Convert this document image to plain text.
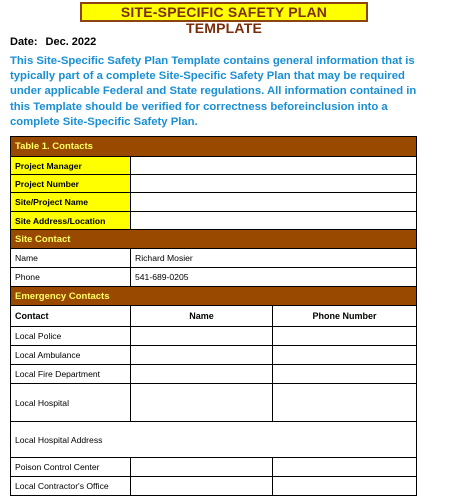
SITE-SPECIFIC SAFETY PLAN TEMPLATE
Date: Dec. 2022
This Site-Specific Safety Plan Template contains general information that is typically part of a complete Site-Specific Safety Plan that may be required under applicable Federal and State regulations. All information contained in this Template should be verified for correctness beforeinclusion into a complete Site-Specific Safety Plan.
Table 1. Contacts		
Project Manager		
Project Number		
Site/Project Name		
Site Address/Location		
Site Contact		
Name	Richard Mosier	
Phone	541-689-0205	
Emergency Contacts		
Contact	Name	Phone Number
Local Police		
Local Ambulance		
Local Fire Department		
Local Hospital		
Local Hospital Address		
Poison Control Center		
Local Contractor's Office		
